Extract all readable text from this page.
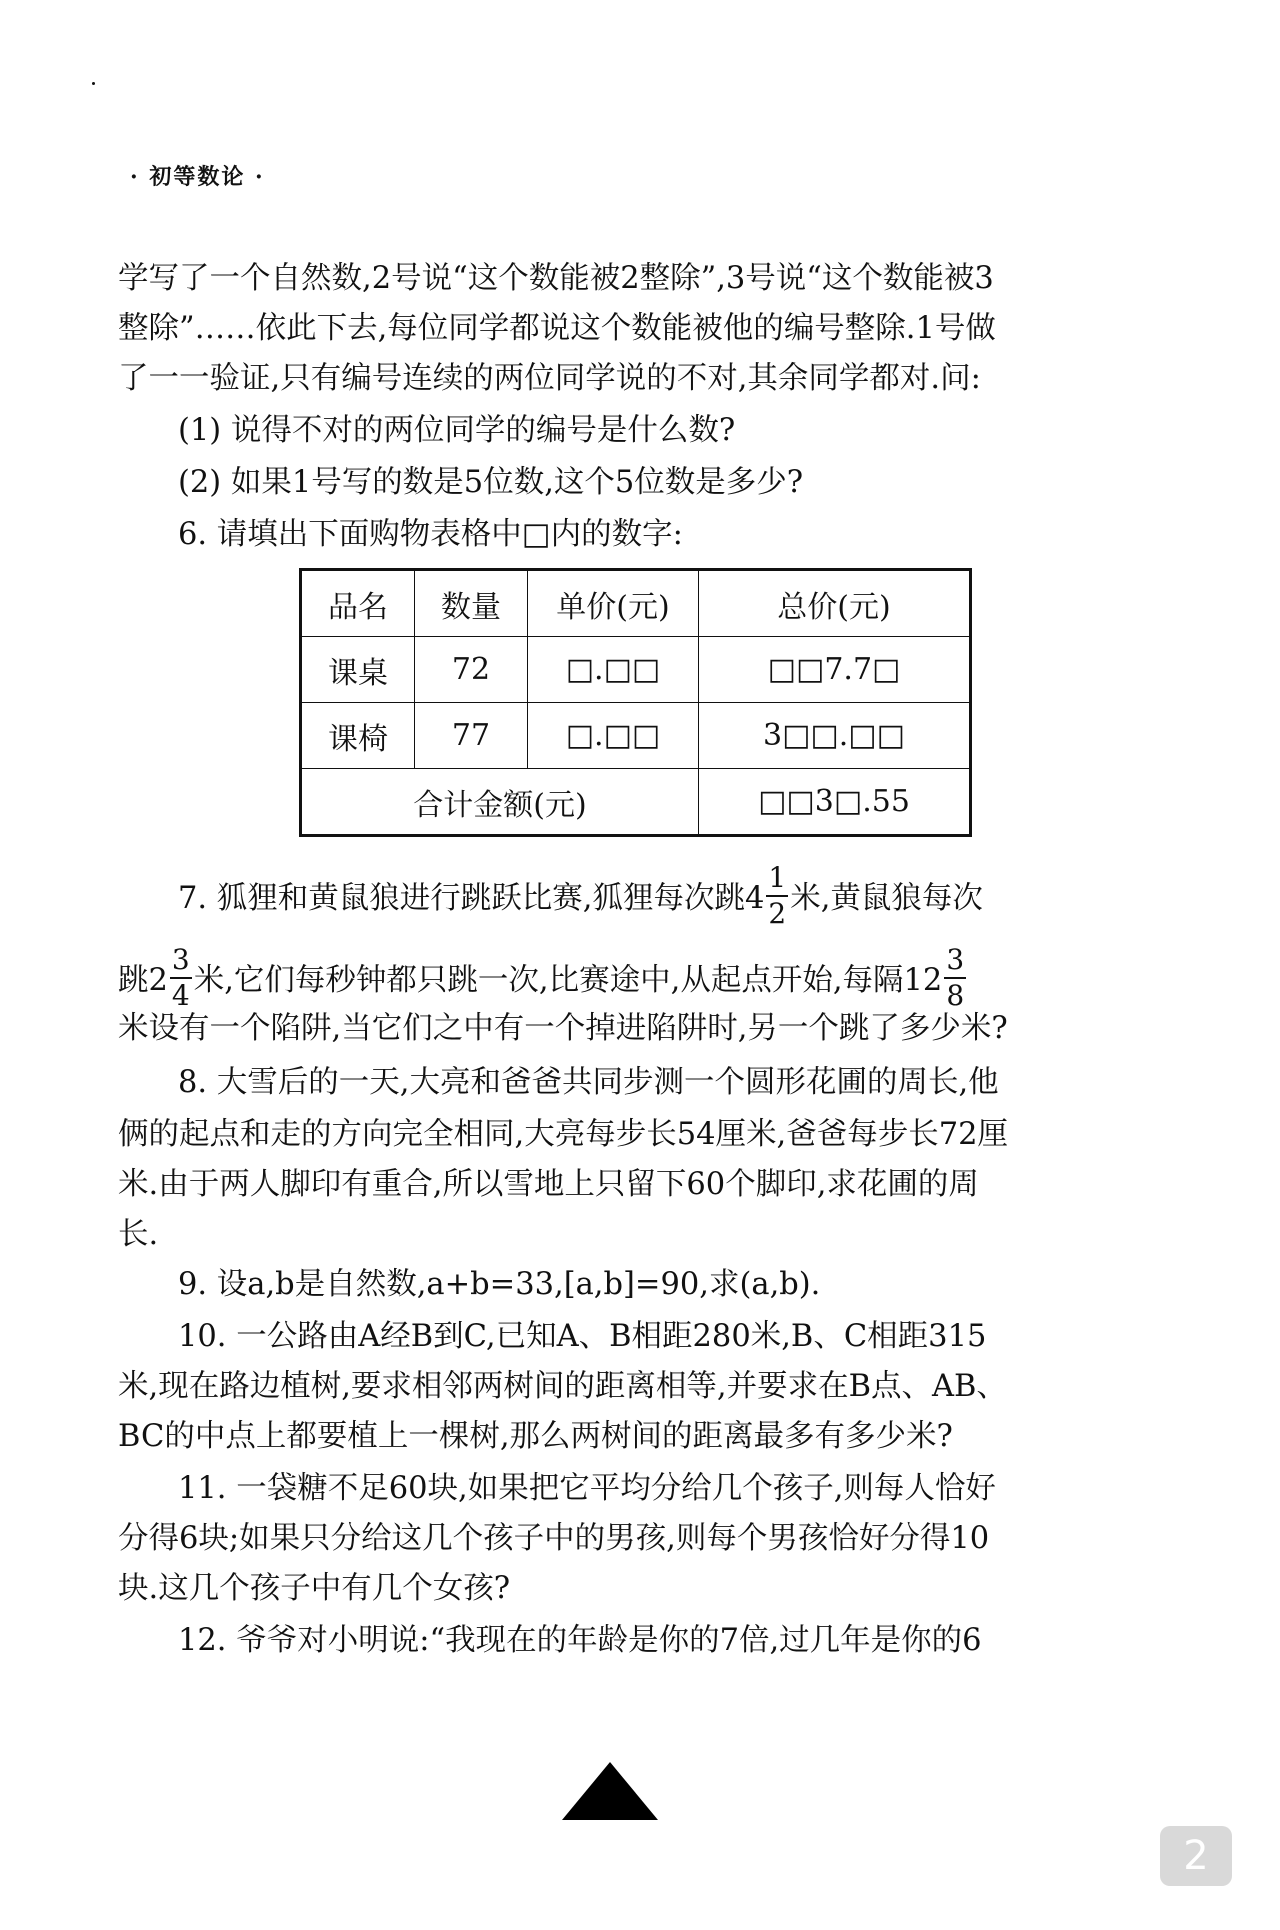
· 初等数论 ·
学写了一个自然数,2号说“这个数能被2整除”,3号说“这个数能被3
整除”……依此下去,每位同学都说这个数能被他的编号整除.1号做
了一一验证,只有编号连续的两位同学说的不对,其余同学都对.问:
(1) 说得不对的两位同学的编号是什么数?
(2) 如果1号写的数是5位数,这个5位数是多少?
6. 请填出下面购物表格中□内的数字:
品名	数量	单价(元)	总价(元)
课桌	72	□.□□	□□7.7□
课椅	77	□.□□	3□□.□□
合计金额(元)			□□3□.55
7. 狐狸和黄鼠狼进行跳跃比赛,狐狸每次跳$4 \frac{1}{2}$ 米,黄鼠狼每次
跳$2 \frac{3}{4}$ 米,它们每秒钟都只跳一次,比赛途中,从起点开始,每隔$12 \frac{3}{8}$
米设有一个陷阱,当它们之中有一个掉进陷阱时,另一个跳了多少米?
8. 大雪后的一天,大亮和爸爸共同步测一个圆形花圃的周长,他
俩的起点和走的方向完全相同,大亮每步长54厘米,爸爸每步长72厘
米.由于两人脚印有重合,所以雪地上只留下60个脚印,求花圃的周
长.
9. 设a,b是自然数,a+b=33,[a,b]=90,求(a,b).
10. 一公路由A经B到C,已知A、B相距280米,B、C相距315
米,现在路边植树,要求相邻两树间的距离相等,并要求在B点、AB、
BC的中点上都要植上一棵树,那么两树间的距离最多有多少米?
11. 一袋糖不足60块,如果把它平均分给几个孩子,则每人恰好
分得6块;如果只分给这几个孩子中的男孩,则每个男孩恰好分得10
块.这几个孩子中有几个女孩?
12. 爷爷对小明说:“我现在的年龄是你的7倍,过几年是你的6
2
